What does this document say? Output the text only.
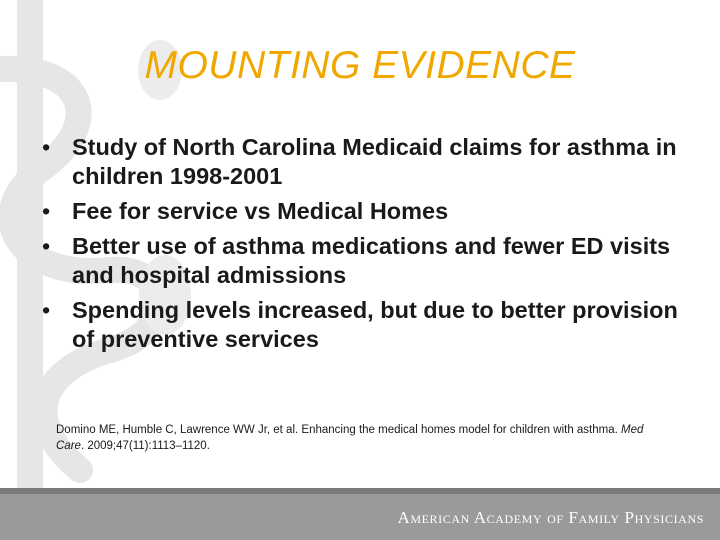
MOUNTING EVIDENCE
• Study of North Carolina Medicaid claims for asthma in children 1998-2001
• Fee for service vs Medical Homes
• Better use of asthma medications and fewer ED visits and hospital admissions
• Spending levels increased, but due to better provision of preventive services
Domino ME, Humble C, Lawrence WW Jr, et al. Enhancing the medical homes model for children with asthma. Med Care. 2009;47(11):1113–1120.
American Academy of Family Physicians
